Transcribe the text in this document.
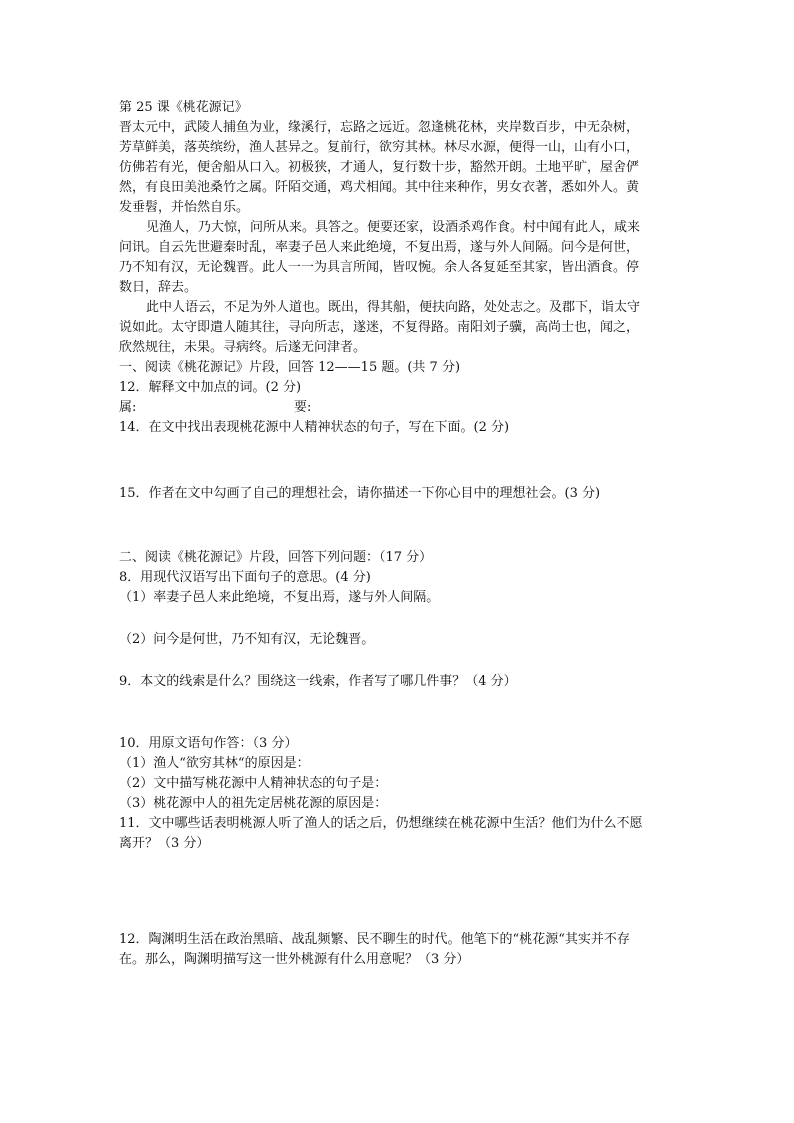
第 25 课《桃花源记》
晋太元中，武陵人捕鱼为业，缘溪行，忘路之远近。忽逢桃花林，夹岸数百步，中无杂树，
芳草鲜美，落英缤纷，渔人甚异之。复前行，欲穷其林。林尽水源，便得一山，山有小口，
仿佛若有光，便舍船从口入。初极狭，才通人，复行数十步，豁然开朗。土地平旷，屋舍俨
然，有良田美池桑竹之属。阡陌交通，鸡犬相闻。其中往来种作，男女衣著，悉如外人。黄
发垂髫，并怡然自乐。
见渔人，乃大惊，问所从来。具答之。便要还家，设酒杀鸡作食。村中闻有此人，咸来
问讯。自云先世避秦时乱，率妻子邑人来此绝境，不复出焉，遂与外人间隔。问今是何世，
乃不知有汉，无论魏晋。此人一一为具言所闻，皆叹惋。余人各复延至其家，皆出酒食。停
数日，辞去。
此中人语云，不足为外人道也。既出，得其船，便扶向路，处处志之。及郡下，诣太守
说如此。太守即遣人随其往，寻向所志，遂迷，不复得路。南阳刘子骥，高尚士也，闻之，
欣然规往，未果。寻病终。后遂无问津者。
一、阅读《桃花源记》片段，回答 12——15 题。(共 7 分)
12．解释文中加点的词。(2 分)
属:	要:
14．在文中找出表现桃花源中人精神状态的句子，写在下面。(2 分)
15．作者在文中勾画了自己的理想社会，请你描述一下你心目中的理想社会。(3 分)
二、阅读《桃花源记》片段，回答下列问题：（17 分）
8．用现代汉语写出下面句子的意思。(4 分)
（1）率妻子邑人来此绝境，不复出焉，遂与外人间隔。
（2）问今是何世，乃不知有汉，无论魏晋。
9．本文的线索是什么？围绕这一线索，作者写了哪几件事？（4 分）
10．用原文语句作答：（3 分）
（1）渔人“欲穷其林“的原因是：
（2）文中描写桃花源中人精神状态的句子是：
（3）桃花源中人的祖先定居桃花源的原因是：
11．文中哪些话表明桃源人听了渔人的话之后，仍想继续在桃花源中生活？他们为什么不愿
离开？（3 分）
12．陶渊明生活在政治黑暗、战乱频繁、民不聊生的时代。他笔下的“桃花源“其实并不存
在。那么，陶渊明描写这一世外桃源有什么用意呢？（3 分）
